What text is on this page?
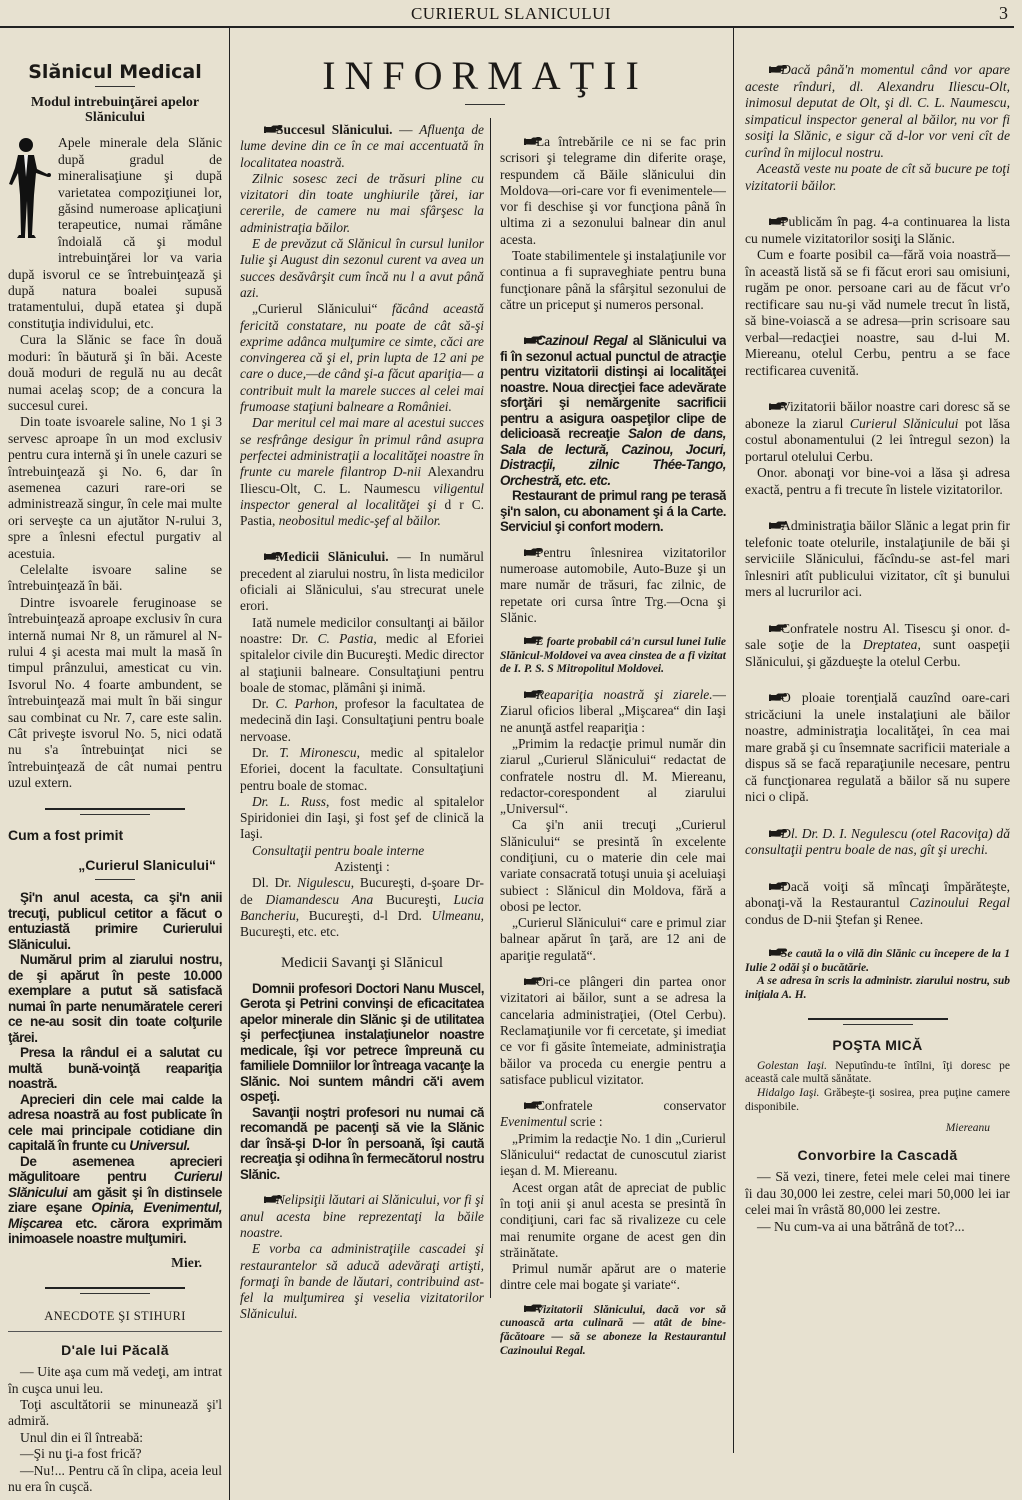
CURIERUL SLANICULUI	3
INFORMAŢII
Slănicul Medical
Modul intrebuinţărei apelor Slănicului

Apele minerale dela Slănic după gradul de mineralisaţiune şi după varietatea compoziţiunei lor, găsind numeroase aplicaţiuni terapeutice, numai rămâne îndoială că şi modul intrebuinţărei lor va varia după isvorul ce se întrebuinţează şi după natura boalei supusă tratamentului, după etatea şi după constituţia individului, etc.

Cura la Slănic se face în două moduri: în băutură şi în băi. Aceste două moduri de regulă nu au decât numai acelaş scop; de a concura la succesul curei.

Din toate isvoarele saline, No 1 şi 3 servesc aproape în un mod exclusiv pentru cura internă şi în unele cazuri se întrebuinţează şi No. 6, dar în asemenea cazuri rare-ori se administrează singur, în cele mai multe ori serveşte ca un ajutător N-rului 3, spre a înlesni efectul purgativ al acestuia.

Celelalte isvoare saline se întrebuinţează în băi.

Dintre isvoarele feruginoase se întrebuinţează aproape exclusiv în cura internă numai Nr 8, un rămurel al N-rului 4 şi acesta mai mult la masă în timpul prânzului, amesticat cu vin. Isvorul No. 4 foarte ambundent, se întrebuinţează mai mult în băi singur sau combinat cu Nr. 7, care este salin. Cât priveşte isvorul No. 5, nici odată nu s'a întrebuinţat nici se întrebuinţează de cât numai pentru uzul extern.

Cum a fost primit
„Curierul Slanicului“

Şi'n anul acesta, ca şi'n anii trecuţi, publicul cetitor a făcut o entuziastă primire Curierului Slănicului.

Numărul prim al ziarului nostru, de şi apărut în peste 10.000 exemplare a putut să satisfacă numai în parte nenumăratele cereri ce ne-au sosit din toate colţurile ţărei.

Presa la rândul ei a salutat cu multă bună-voinţă reapariţia noastră.

Aprecieri din cele mai calde la adresa noastră au fost publicate în cele mai principale cotidiane din capitală în frunte cu Universul.

De asemenea aprecieri măgulitoare pentru Curierul Slănicului am găsit şi în distinsele ziare eşane Opinia, Evenimentul, Mişcarea etc. cărora exprimăm inimoasele noastre mulţumiri.

Mier.
ANECDOTE ŞI STIHURI
D'ale lui Păcală

— Uite aşa cum mă vedeţi, am intrat în cuşca unui leu.

Toţi ascultătorii se minunează şi'l admiră.

Unul din ei îl întreabă:

—Şi nu ţi-a fost frică?

—Nu!... Pentru că în clipa, aceia leul nu era în cuşcă.

Succesul Slănicului. — Afluenţa de lume devine din ce în ce mai accentuată în localitatea noastră.

Zilnic sosesc zeci de trăsuri pline cu vizitatori din toate unghiurile ţărei, iar cererile, de camere nu mai sfârşesc la administraţia băilor.

E de prevăzut că Slănicul în cursul lunilor Iulie şi August din sezonul curent va avea un succes desăvârşit cum încă nu l a avut până azi.

„Curierul Slănicului“ făcând această fericită constatare, nu poate de cât să-şi exprime adânca mulţumire ce simte, căci are convingerea că şi el, prin lupta de 12 ani pe care o duce,—de când şi-a făcut apariţia— a contribuit mult la marele succes al celei mai frumoase staţiuni balneare a României.

Dar meritul cel mai mare al acestui succes se resfrânge desigur în primul rând asupra perfectei administraţii a localităţei noastre în frunte cu marele filantrop D-nii Alexandru Iliescu-Olt, C. L. Naumescu viligentul inspector general al localităţei şi d r C. Pastia, neobositul medic-şef al băilor.

Medicii Slănicului. — In numărul precedent al ziarului nostru, în lista medicilor oficiali ai Slănicului, s'au strecurat unele erori.

Iată numele medicilor consultanţi ai băilor noastre: Dr. C. Pastia, medic al Eforiei spitalelor civile din Bucureşti. Medic director al staţiunii balneare. Consultaţiuni pentru boale de stomac, plămâni şi inimă.

Dr. C. Parhon, profesor la facultatea de medecină din Iaşi. Consultaţiuni pentru boale nervoase.

Dr. T. Mironescu, medic al spitalelor Eforiei, docent la facultate. Consultaţiuni pentru boale de stomac.

Dr. L. Russ, fost medic al spitalelor Spiridoniei din Iaşi, şi fost şef de clinică la Iaşi.

Consultaţii pentru boale interne

Azistenţi :

Dl. Dr. Nigulescu, Bucureşti, d-şoare Dr-de Diamandescu Ana Bucureşti, Lucia Bancheriu, Bucureşti, d-l Drd. Ulmeanu, Bucureşti, etc. etc.

Medicii Savanţi şi Slănicul

Domnii profesori Doctori Nanu Muscel, Gerota şi Petrini convinşi de eficacitatea apelor minerale din Slănic şi de utilitatea şi perfecţiunea instalaţiunelor noastre medicale, îşi vor petrece împreună cu familiele Domniilor lor întreaga vacanţe la Slănic. Noi suntem mândri că'i avem ospeţi.

Savanţii noştri profesori nu numai că recomandă pe pacenţi să vie la Slănic dar însă-şi D-lor în persoană, îşi caută recreaţia şi odihna în fermecătorul nostru Slănic.

Nelipsiţii lăutari ai Slănicului, vor fi şi anul acesta bine reprezentaţi la băile noastre.

E vorba ca administraţiile cascadei şi restaurantelor să aducă adevăraţi artişti, formaţi în bande de lăutari, contribuind ast-fel la mulţumirea şi veselia vizitatorilor Slănicului.

La întrebările ce ni se fac prin scrisori şi telegrame din diferite oraşe, respundem că Băile slănicului din Moldova—ori-care vor fi evenimentele—vor fi deschise şi vor funcţiona până în ultima zi a sezonului balnear din anul acesta.

Toate stabilimentele şi instalaţiunile vor continua a fi supraveghiate pentru buna funcţionare până la sfârşitul sezonului de către un priceput şi numeros personal.

Cazinoul Regal al Slănicului va fi în sezonul actual punctul de atracţie pentru vizitatorii distinşi ai localităţei noastre. Noua direcţiei face adevărate sforţări şi nemărgenite sacrificii pentru a asigura oaspeţilor clipe de delicioasă recreaţie Salon de dans, Sala de lectură, Cazinou, Jocuri, Distracţii, zilnic Thée-Tango, Orchestră, etc. etc.

Restaurant de primul rang pe terasă şi'n salon, cu abonament şi á la Carte. Serviciul şi confort modern.

Pentru înlesnirea vizitatorilor numeroase automobile, Auto-Buze şi un mare număr de trăsuri, fac zilnic, de repetate ori cursa între Trg.—Ocna şi Slănic.

E foarte probabil cá'n cursul lunei Iulie Slănicul-Moldovei va avea cinstea de a fi vizitat de I. P. S. S Mitropolitul Moldovei.

Reapariţia noastră şi ziarele.—Ziarul oficios liberal „Mişcarea“ din Iaşi ne anunţă astfel reapariţia :

„Primim la redacţie primul număr din ziarul „Curierul Slănicului“ redactat de confratele nostru dl. M. Miereanu, redactor-corespondent al ziarului „Universul“.

Ca şi'n anii trecuţi „Curierul Slănicului“ se presintă în excelente condiţiuni, cu o materie din cele mai variate consacrată totuşi unuia şi aceluiaşi subiect : Slănicul din Moldova, fără a obosi pe lector.

„Curierul Slănicului“ care e primul ziar balnear apărut în ţară, are 12 ani de apariţie regulată“.

Ori-ce plângeri din partea onor vizitatori ai băilor, sunt a se adresa la cancelaria administraţiei, (Otel Cerbu). Reclamaţiunile vor fi cercetate, şi imediat ce vor fi găsite întemeiate, administraţia băilor va proceda cu energie pentru a satisface publicul vizitator.

Confratele conservator Evenimentul scrie :

„Primim la redacţie No. 1 din „Curierul Slănicului“ redactat de cunoscutul ziarist ieşan d. M. Miereanu.

Acest organ atât de apreciat de public în toţi anii şi anul acesta se presintă în condiţiuni, cari fac să rivalizeze cu cele mai renumite organe de acest gen din străinătate.

Primul număr apărut are o materie dintre cele mai bogate şi variate“.

Vizitatorii Slănicului, dacă vor să cunoască arta culinară — atât de bine-făcătoare — să se aboneze la Restaurantul Cazinoului Regal.

Dacă până'n momentul când vor apare aceste rînduri, dl. Alexandru Iliescu-Olt, inimosul deputat de Olt, şi dl. C. L. Naumescu, simpaticul inspector general al băilor, nu vor fi sosiţi la Slănic, e sigur că d-lor vor veni cît de curînd în mijlocul nostru.

Această veste nu poate de cît să bucure pe toţi vizitatorii băilor.

Publicăm în pag. 4-a continuarea la lista cu numele vizitatorilor sosiţi la Slănic.

Cum e foarte posibil ca—fără voia noastră—în această listă să se fi făcut erori sau omisiuni, rugăm pe onor. persoane cari au de făcut vr'o rectificare sau nu-şi văd numele trecut în listă, să bine-voiască a se adresa—prin scrisoare sau verbal—redacţiei noastre, sau d-lui M. Miereanu, otelul Cerbu, pentru a se face rectificarea cuvenită.

Vizitatorii băilor noastre cari doresc să se aboneze la ziarul Curierul Slănicului pot lăsa costul abonamentului (2 lei întregul sezon) la portarul otelului Cerbu.

Onor. abonaţi vor bine-voi a lăsa şi adresa exactă, pentru a fi trecute în listele vizitatorilor.

Administraţia băilor Slănic a legat prin fir telefonic toate otelurile, instalaţiunile de băi şi serviciile Slănicului, făcîndu-se ast-fel mari înlesniri atît publicului vizitator, cît şi bunului mers al lucrurilor aci.

Confratele nostru Al. Tisescu şi onor. d-sale soţie de la Dreptatea, sunt oaspeţii Slănicului, şi găzdueşte la otelul Cerbu.

O ploaie torenţială cauzînd oare-cari stricăciuni la unele instalaţiuni ale băilor noastre, administraţia localităţei, în cea mai mare grabă şi cu însemnate sacrificii materiale a dispus să se facă reparaţiunile necesare, pentru că funcţionarea regulată a băilor să nu supere nici o clipă.

Dl. Dr. D. I. Negulescu (otel Racoviţa) dă consultaţii pentru boale de nas, gît şi urechi.

Dacă voiţi să mîncaţi împărăteşte, abonaţi-vă la Restaurantul Cazinoului Regal condus de D-nii Ştefan şi Renee.

Se caută la o vilă din Slănic cu începere de la 1 Iulie 2 odăi şi o bucătărie.

A se adresa în scris la administr. ziarului nostru, sub iniţiala A. H.

POŞTA MICĂ

Golestan Iaşi. Neputîndu-te întîlni, îţi doresc pe această cale multă sănătate.

Hidalgo Iaşi. Grăbeşte-ţi sosirea, prea puţine camere disponibile.

Miereanu
Convorbire la Cascadă

— Să vezi, tinere, fetei mele celei mai tinere îi dau 30,000 lei zestre, celei mari 50,000 lei iar celei mai în vrâstă 80,000 lei zestre.

— Nu cum-va ai una bătrână de tot?...
